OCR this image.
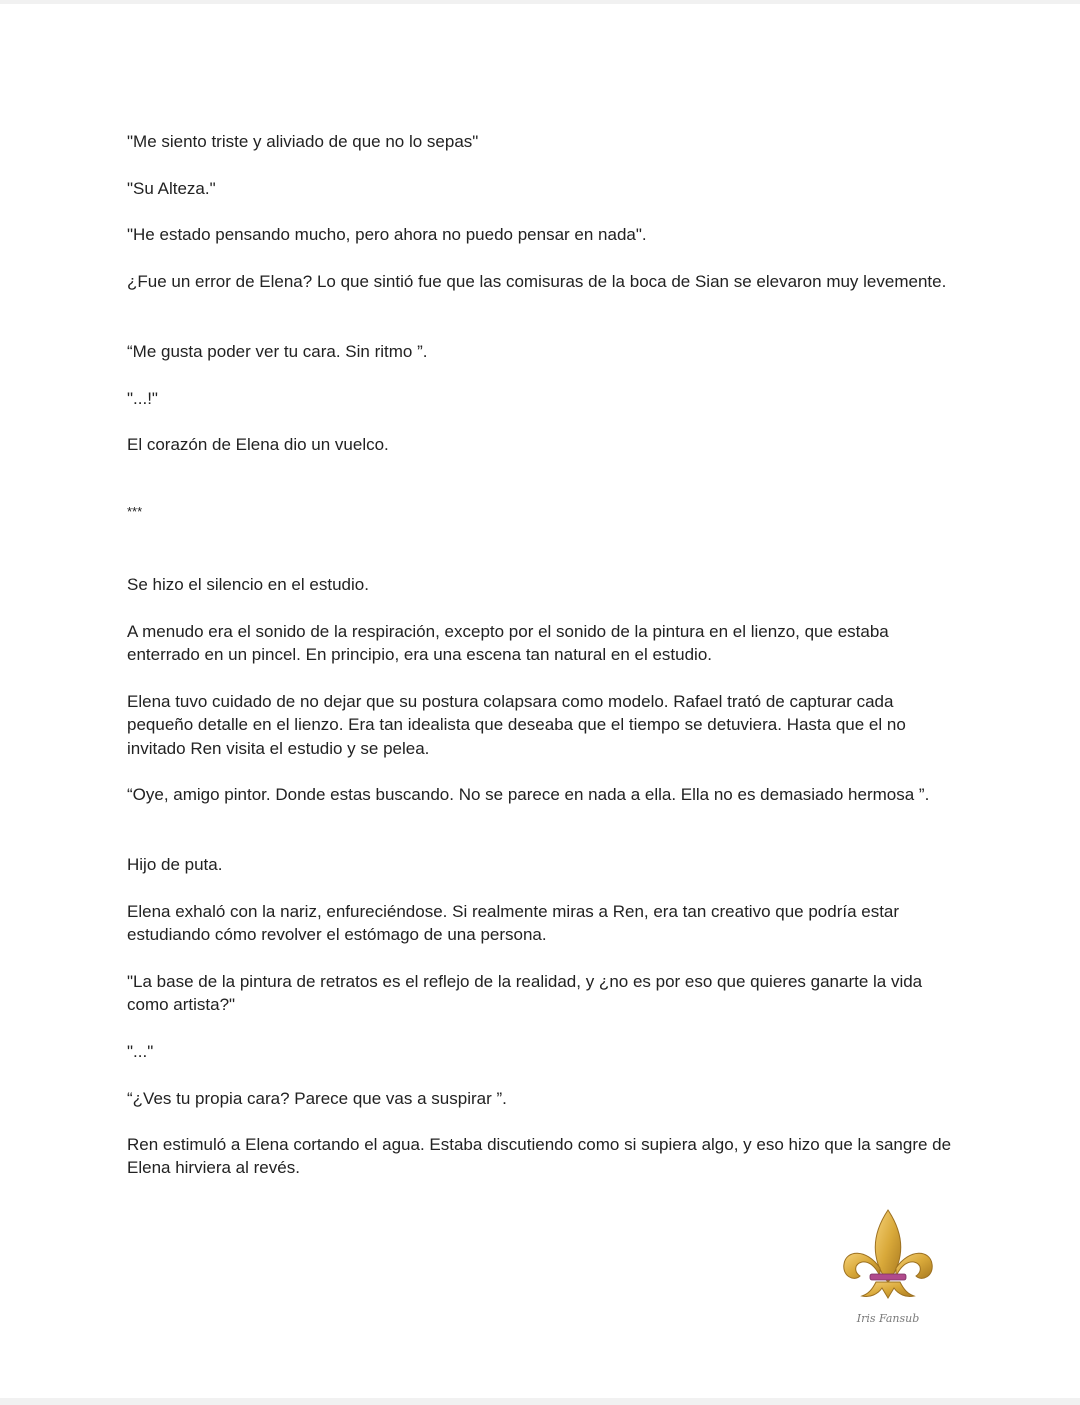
"Me siento triste y aliviado de que no lo sepas"

"Su Alteza."

"He estado pensando mucho, pero ahora no puedo pensar en nada".

¿Fue un error de Elena? Lo que sintió fue que las comisuras de la boca de Sian se elevaron muy levemente.

“Me gusta poder ver tu cara. Sin ritmo ”.

"...!"

El corazón de Elena dio un vuelco.

***

Se hizo el silencio en el estudio.

A menudo era el sonido de la respiración, excepto por el sonido de la pintura en el lienzo, que estaba enterrado en un pincel. En principio, era una escena tan natural en el estudio.

Elena tuvo cuidado de no dejar que su postura colapsara como modelo. Rafael trató de capturar cada pequeño detalle en el lienzo. Era tan idealista que deseaba que el tiempo se detuviera. Hasta que el no invitado Ren visita el estudio y se pelea.

“Oye, amigo pintor. Donde estas buscando. No se parece en nada a ella. Ella no es demasiado hermosa ”.

Hijo de puta.

Elena exhaló con la nariz, enfureciéndose. Si realmente miras a Ren, era tan creativo que podría estar estudiando cómo revolver el estómago de una persona.

"La base de la pintura de retratos es el reflejo de la realidad, y ¿no es por eso que quieres ganarte la vida como artista?"

"..."

“¿Ves tu propia cara? Parece que vas a suspirar ”.

Ren estimuló a Elena cortando el agua. Estaba discutiendo como si supiera algo, y eso hizo que la sangre de Elena hirviera al revés.

Iris Fansub
